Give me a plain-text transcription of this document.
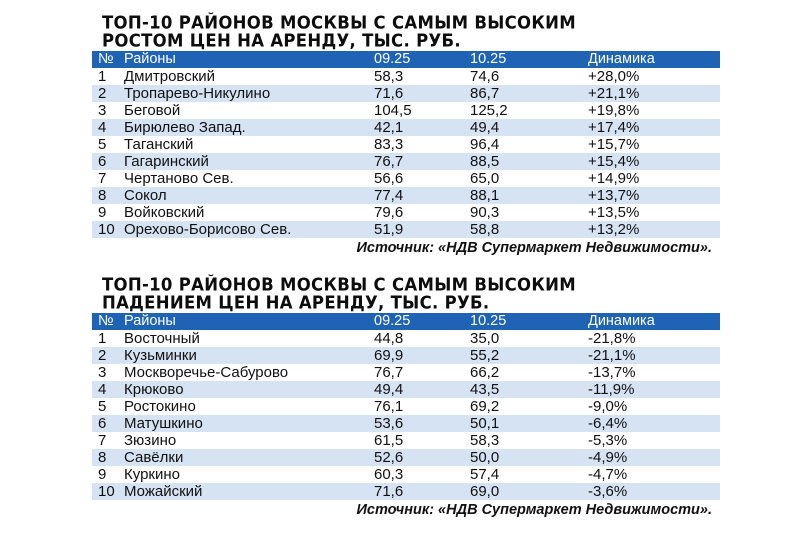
ТОП-10 РАЙОНОВ МОСКВЫ С САМЫМ ВЫСОКИМ
РОСТОМ ЦЕН НА АРЕНДУ, ТЫС. РУБ.
№	Районы	09.25	10.25	Динамика
1	Дмитровский	58,3	74,6	+28,0%
2	Тропарево-Никулино	71,6	86,7	+21,1%
3	Беговой	104,5	125,2	+19,8%
4	Бирюлево Запад.	42,1	49,4	+17,4%
5	Таганский	83,3	96,4	+15,7%
6	Гагаринский	76,7	88,5	+15,4%
7	Чертаново Сев.	56,6	65,0	+14,9%
8	Сокол	77,4	88,1	+13,7%
9	Войковский	79,6	90,3	+13,5%
10	Орехово-Борисово Сев.	51,9	58,8	+13,2%
Источник: «НДВ Супермаркет Недвижимости».
ТОП-10 РАЙОНОВ МОСКВЫ С САМЫМ ВЫСОКИМ
ПАДЕНИЕМ ЦЕН НА АРЕНДУ, ТЫС. РУБ.
№	Районы	09.25	10.25	Динамика
1	Восточный	44,8	35,0	-21,8%
2	Кузьминки	69,9	55,2	-21,1%
3	Москворечье-Сабурово	76,7	66,2	-13,7%
4	Крюково	49,4	43,5	-11,9%
5	Ростокино	76,1	69,2	-9,0%
6	Матушкино	53,6	50,1	-6,4%
7	Зюзино	61,5	58,3	-5,3%
8	Савёлки	52,6	50,0	-4,9%
9	Куркино	60,3	57,4	-4,7%
10	Можайский	71,6	69,0	-3,6%
Источник: «НДВ Супермаркет Недвижимости».
